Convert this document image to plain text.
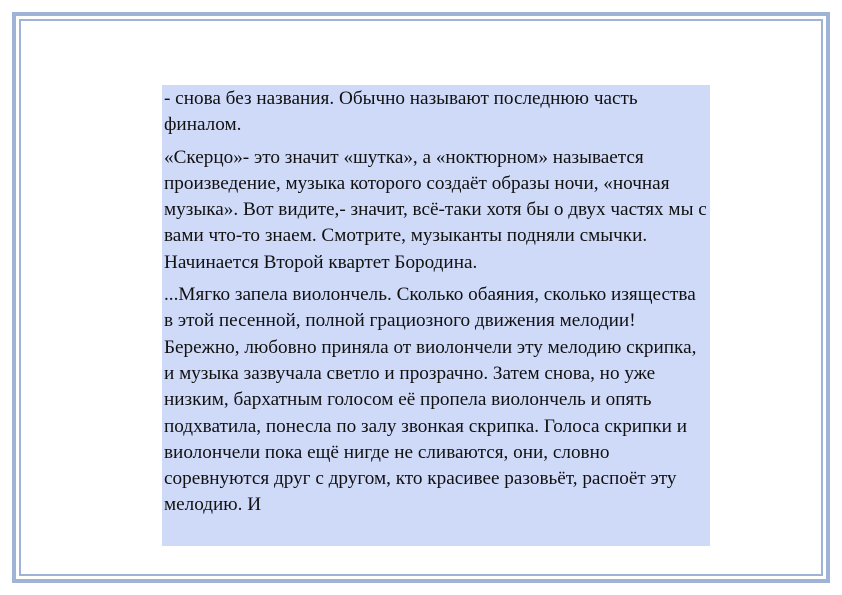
- снова без названия. Обычно называют последнюю часть финалом.

«Скерцо»- это значит «шутка», а «ноктюрном» называется произведение, музыка которого создаёт образы ночи, «ночная музыка». Вот видите,- значит, всё-таки хотя бы о двух частях мы с вами что-то знаем. Смотрите, музыканты подняли смычки. Начинается Второй квартет Бородина.

...Мягко запела виолончель. Сколько обаяния, сколько изящества в этой песенной, полной грациозного движения мелодии! Бережно, любовно приняла от виолончели эту мелодию скрипка, и музыка зазвучала светло и прозрачно. Затем снова, но уже низким, бархатным голосом её пропела виолончель и опять подхватила, понесла по залу звонкая скрипка. Голоса скрипки и виолончели пока ещё нигде не сливаются, они, словно соревнуются друг с другом, кто красивее разовьёт, распоёт эту мелодию. И
